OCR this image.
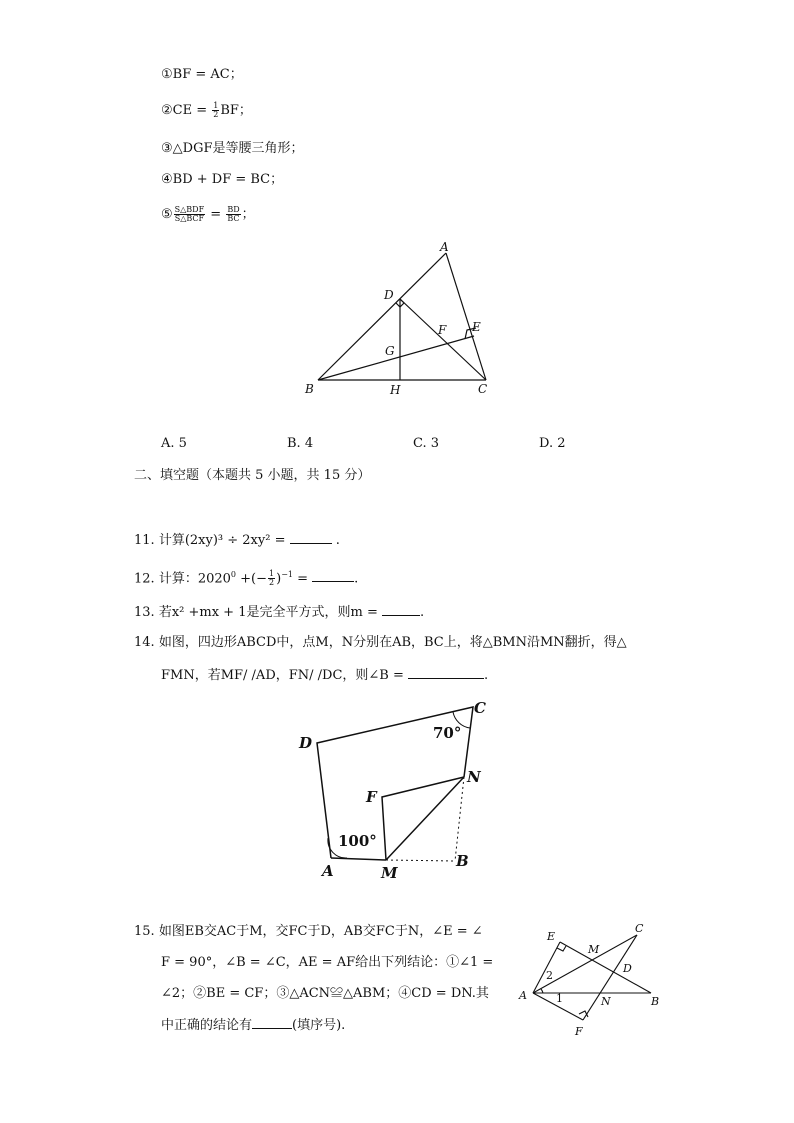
①BF = AC；
②CE = $\frac{1}{2}$ BF；
③△DGF是等腰三角形；
④BD + DF = BC；
⑤ $\frac{\text{S△BDF}}{\text{S△BCF}} = \frac{BD}{BC}$ ；
A
B	C
D
E
F
G
H
A. 5	B. 4	C. 3	D. 2
二、填空题（本题共 5 小题，共 15 分）
11. 计算(2xy)³ ÷ 2xy² =	.
12. 计算：$2020^0$ +(− $\frac{1}{2} )^{-1}$ =	.
13. 若x² +mx + 1是完全平方式，则m =	.
14. 如图，四边形ABCD中，点M，N分别在AB，BC上，将△BMN沿MN翻折，得△
FMN，若MF/ /AD，FN/ /DC，则∠B =	.
D
C
N
F
A	M
B
70°
100°
15. 如图EB交AC于M，交FC于D，AB交FC于N，∠E = ∠
F = 90°，∠B = ∠C，AE = AF给出下列结论：①∠1 =
∠2；②BE = CF；③△ACN≌△ABM；④CD = DN.其
中正确的结论有	(填序号).
E
C
M
D
A	N	B
F
2
1
